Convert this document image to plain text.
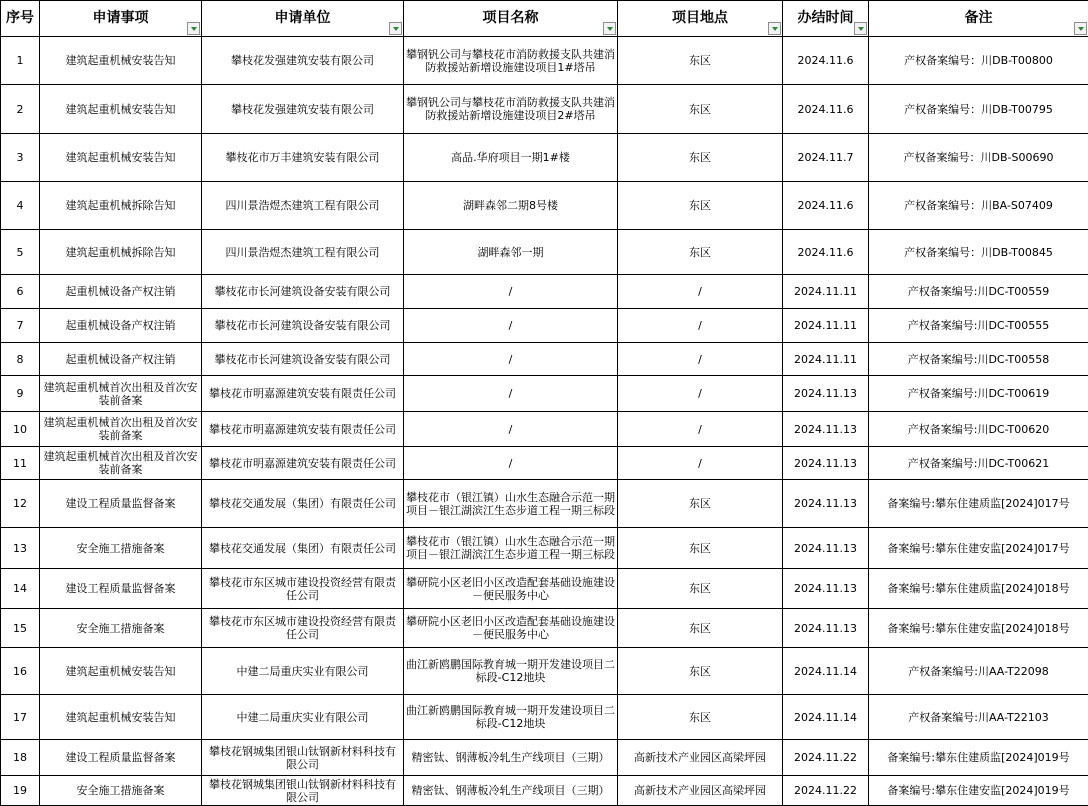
序号	申请事项	申请单位	项目名称	项目地点	办结时间	备注

1	建筑起重机械安装告知	攀枝花发强建筑安装有限公司	攀钢钒公司与攀枝花市消防救援支队共建消防救援站新增设施建设项目1#塔吊	东区	2024.11.6	产权备案编号：川DB-T00800

2	建筑起重机械安装告知	攀枝花发强建筑安装有限公司	攀钢钒公司与攀枝花市消防救援支队共建消防救援站新增设施建设项目2#塔吊	东区	2024.11.6	产权备案编号：川DB-T00795

3	建筑起重机械安装告知	攀枝花市万丰建筑安装有限公司	高品.华府项目一期1#楼	东区	2024.11.7	产权备案编号：川DB-S00690

4	建筑起重机械拆除告知	四川景浩煜杰建筑工程有限公司	湖畔森邻二期8号楼	东区	2024.11.6	产权备案编号：川BA-S07409

5	建筑起重机械拆除告知	四川景浩煜杰建筑工程有限公司	湖畔森邻一期	东区	2024.11.6	产权备案编号：川DB-T00845

6	起重机械设备产权注销	攀枝花市长河建筑设备安装有限公司	/	/	2024.11.11	产权备案编号:川DC-T00559

7	起重机械设备产权注销	攀枝花市长河建筑设备安装有限公司	/	/	2024.11.11	产权备案编号:川DC-T00555

8	起重机械设备产权注销	攀枝花市长河建筑设备安装有限公司	/	/	2024.11.11	产权备案编号:川DC-T00558

9	建筑起重机械首次出租及首次安装前备案	攀枝花市明嘉源建筑安装有限责任公司	/	/	2024.11.13	产权备案编号:川DC-T00619

10	建筑起重机械首次出租及首次安装前备案	攀枝花市明嘉源建筑安装有限责任公司	/	/	2024.11.13	产权备案编号:川DC-T00620

11	建筑起重机械首次出租及首次安装前备案	攀枝花市明嘉源建筑安装有限责任公司	/	/	2024.11.13	产权备案编号:川DC-T00621

12	建设工程质量监督备案	攀枝花交通发展（集团）有限责任公司	攀枝花市（银江镇）山水生态融合示范一期项目－银江湖滨江生态步道工程一期三标段	东区	2024.11.13	备案编号:攀东住建质监[2024]017号

13	安全施工措施备案	攀枝花交通发展（集团）有限责任公司	攀枝花市（银江镇）山水生态融合示范一期项目－银江湖滨江生态步道工程一期三标段	东区	2024.11.13	备案编号:攀东住建安监[2024]017号

14	建设工程质量监督备案	攀枝花市东区城市建设投资经营有限责任公司	攀研院小区老旧小区改造配套基础设施建设－便民服务中心	东区	2024.11.13	备案编号:攀东住建质监[2024]018号

15	安全施工措施备案	攀枝花市东区城市建设投资经营有限责任公司	攀研院小区老旧小区改造配套基础设施建设－便民服务中心	东区	2024.11.13	备案编号:攀东住建安监[2024]018号

16	建筑起重机械安装告知	中建二局重庆实业有限公司	曲江新鸥鹏国际教育城一期开发建设项目二标段-C12地块	东区	2024.11.14	产权备案编号:川AA-T22098

17	建筑起重机械安装告知	中建二局重庆实业有限公司	曲江新鸥鹏国际教育城一期开发建设项目二标段-C12地块	东区	2024.11.14	产权备案编号:川AA-T22103

18	建设工程质量监督备案	攀枝花钢城集团银山钛钢新材料科技有限公司	精密钛、钢薄板冷轧生产线项目（三期）	高新技术产业园区高梁坪园	2024.11.22	备案编号:攀东住建质监[2024]019号

19	安全施工措施备案	攀枝花钢城集团银山钛钢新材料科技有限公司	精密钛、钢薄板冷轧生产线项目（三期）	高新技术产业园区高梁坪园	2024.11.22	备案编号:攀东住建安监[2024]019号
